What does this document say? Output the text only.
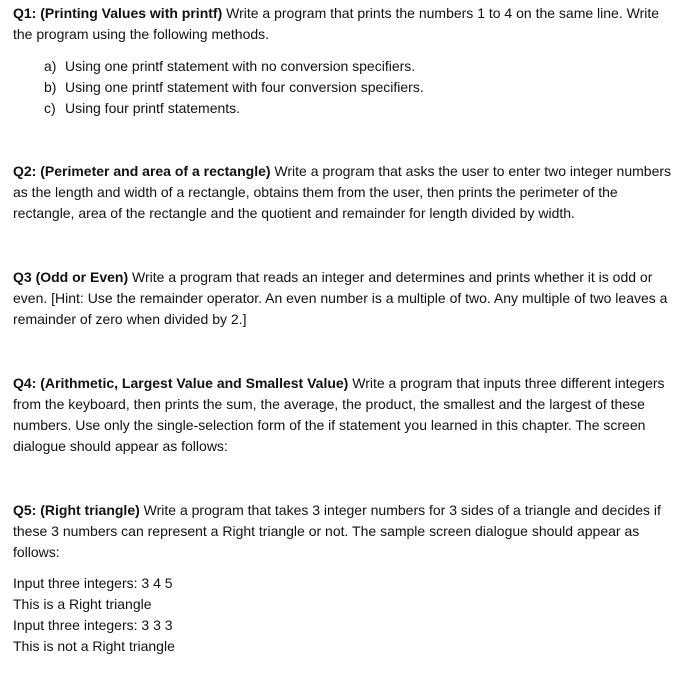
Q1: (Printing Values with printf) Write a program that prints the numbers 1 to 4 on the same line. Write the program using the following methods.

a) Using one printf statement with no conversion specifiers.
b) Using one printf statement with four conversion specifiers.
c) Using four printf statements.

Q2: (Perimeter and area of a rectangle) Write a program that asks the user to enter two integer numbers as the length and width of a rectangle, obtains them from the user, then prints the perimeter of the rectangle, area of the rectangle and the quotient and remainder for length divided by width.

Q3 (Odd or Even) Write a program that reads an integer and determines and prints whether it is odd or even. [Hint: Use the remainder operator. An even number is a multiple of two. Any multiple of two leaves a remainder of zero when divided by 2.]

Q4: (Arithmetic, Largest Value and Smallest Value) Write a program that inputs three different integers from the keyboard, then prints the sum, the average, the product, the smallest and the largest of these numbers. Use only the single-selection form of the if statement you learned in this chapter. The screen dialogue should appear as follows:

Q5: (Right triangle) Write a program that takes 3 integer numbers for 3 sides of a triangle and decides if these 3 numbers can represent a Right triangle or not. The sample screen dialogue should appear as follows:

Input three integers: 3 4 5

This is a Right triangle

Input three integers: 3 3 3

This is not a Right triangle
